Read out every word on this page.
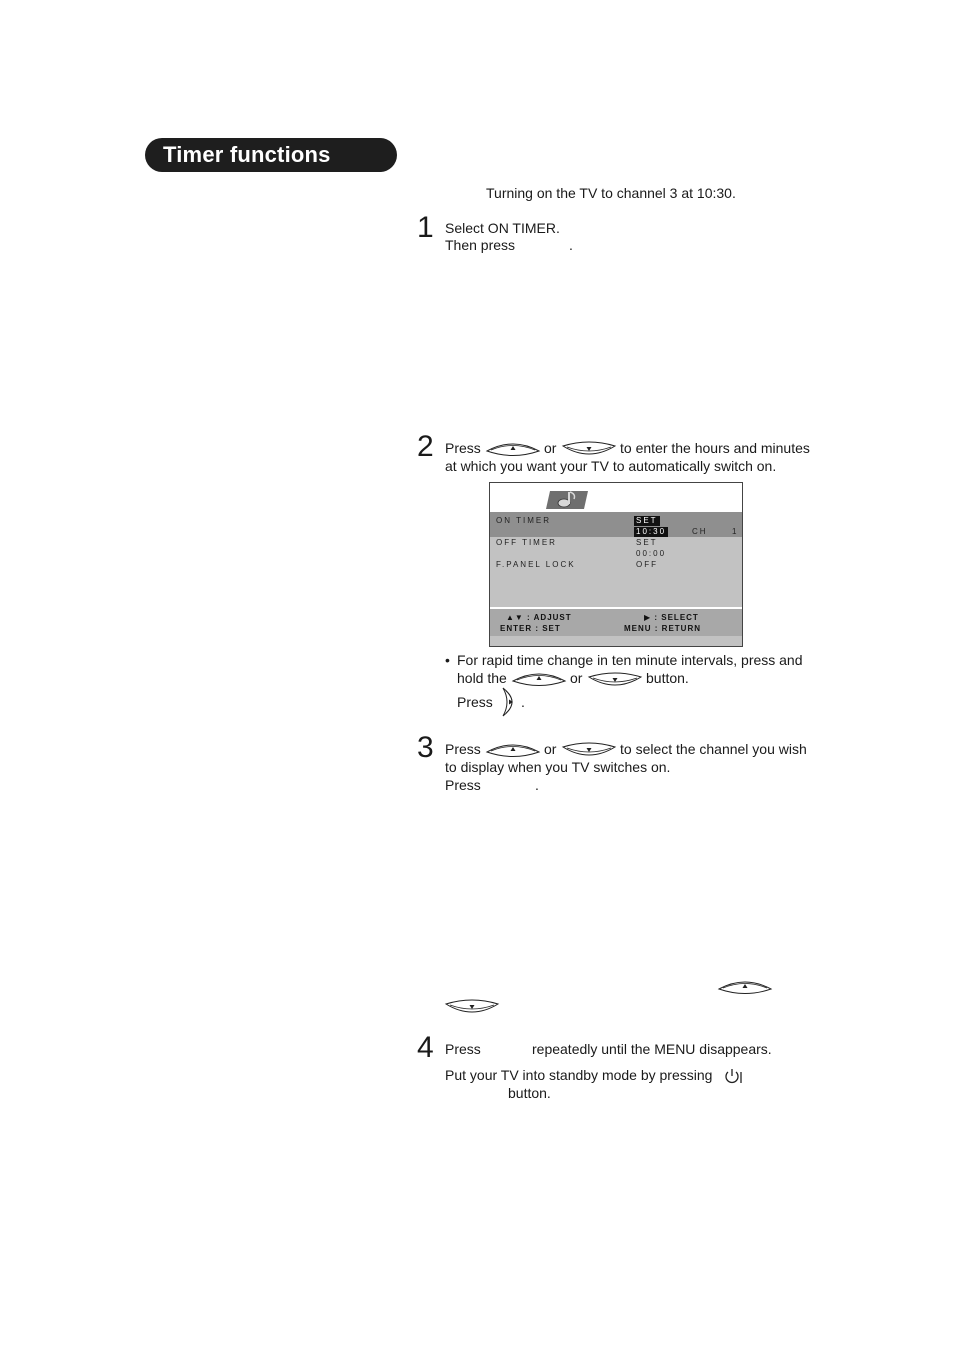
Timer functions
Turning on the TV to channel 3 at 10:30.
1 Select ON TIMER.
Then press	.
2 Press	or	to enter the hours and minutes
at which you want your TV to automatically switch on.
ON TIMER	SET
10:30	CH	1
OFF TIMER	SET
00:00
F.PANEL LOCK	OFF
▲▼ : ADJUST	▶ : SELECT
ENTER : SET	MENU : RETURN
• For rapid time change in ten minute intervals, press and
hold the	or	button.
Press .
3 Press	or	to select the channel you wish
to display when you TV switches on.
Press	.
4 Press	repeatedly until the MENU disappears.
Put your TV into standby mode by pressing
button.
